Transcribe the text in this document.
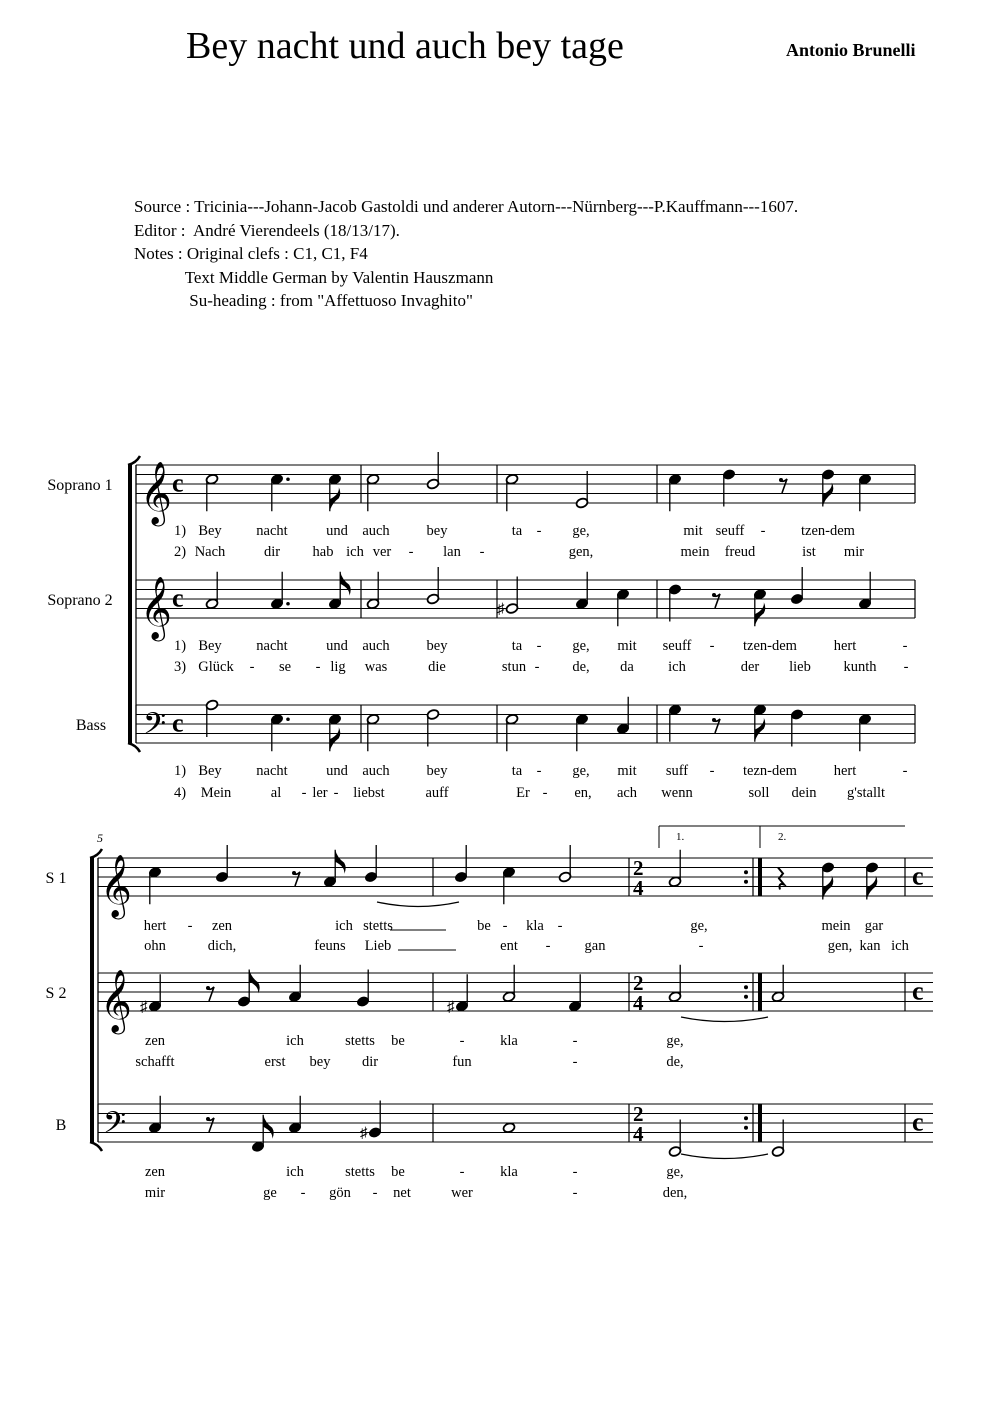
Bey nacht und auch bey tage	Antonio Brunelli
Source : Tricinia---Johann-Jacob Gastoldi und anderer Autorn---Nürnberg---P.Kauffmann---1607.
Editor :  André Vierendeels (18/13/17).
Notes : Original clefs : C1, C1, F4
Text Middle German by Valentin Hauszmann
Su-heading : from "Affettuoso Invaghito"
Soprano 1
Soprano 2
Bass
S 1
S 2
B
5	1.	2.
𝄞 c
𝄞 c
𝄢 c
♯
1) Bey nacht	und auch	bey	ta - ge,	mit seuff - tzen-dem
2) Nach	dir hab ich ver - lan -	gen,	mein freud	ist mir
1) Bey nacht	und auch	bey	ta - ge, mit seuff - tzen-dem	hert	-
3) Glück - se - lig was	die	stun - de, da ich	der lieb kunth -
1) Bey nacht	und auch	bey	ta - ge, mit suff - tezn-dem	hert	-
4) Mein	al - ler - liebst	auff	Er - en, ach wenn	soll dein g'stallt
𝄞
𝄞
𝄢
2
4	c
2
4	c
2
4	c
♯	♯
♯
hert - zen	ich stetts	be - kla -	ge,	mein gar
ohn	dich,	feuns Lieb	ent - gan	-	gen, kan ich
zen	ich	stetts be	- kla	-	ge,
schafft	erst bey dir	fun	-	de,
zen	ich	stetts be	- kla	-	ge,
mir	ge - gön - net	wer	-	den,
